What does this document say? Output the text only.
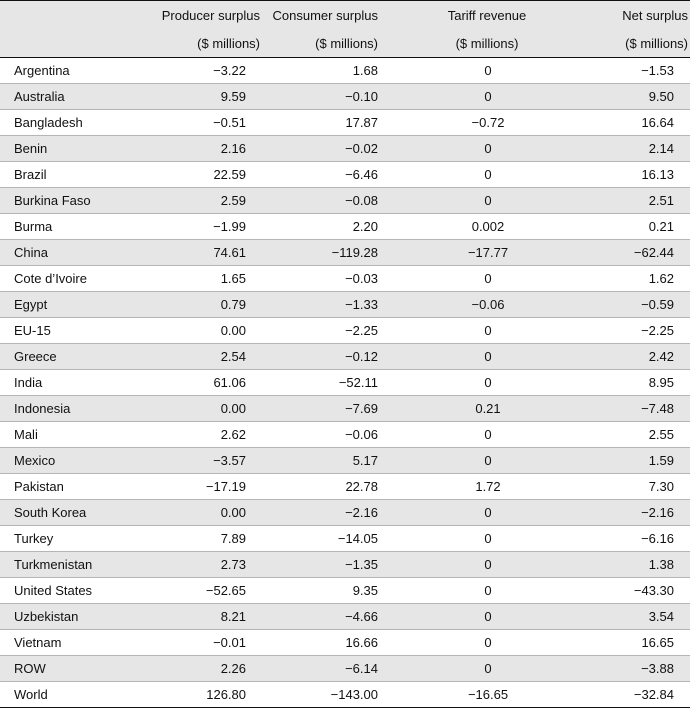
	Producer surplus	Consumer surplus	Tariff revenue	Net surplus
	($ millions)	($ millions)	($ millions)	($ millions)
Argentina	−3.22	1.68	0	−1.53
Australia	9.59	−0.10	0	9.50
Bangladesh	−0.51	17.87	−0.72	16.64
Benin	2.16	−0.02	0	2.14
Brazil	22.59	−6.46	0	16.13
Burkina Faso	2.59	−0.08	0	2.51
Burma	−1.99	2.20	0.002	0.21
China	74.61	−119.28	−17.77	−62.44
Cote d’Ivoire	1.65	−0.03	0	1.62
Egypt	0.79	−1.33	−0.06	−0.59
EU-15	0.00	−2.25	0	−2.25
Greece	2.54	−0.12	0	2.42
India	61.06	−52.11	0	8.95
Indonesia	0.00	−7.69	0.21	−7.48
Mali	2.62	−0.06	0	2.55
Mexico	−3.57	5.17	0	1.59
Pakistan	−17.19	22.78	1.72	7.30
South Korea	0.00	−2.16	0	−2.16
Turkey	7.89	−14.05	0	−6.16
Turkmenistan	2.73	−1.35	0	1.38
United States	−52.65	9.35	0	−43.30
Uzbekistan	8.21	−4.66	0	3.54
Vietnam	−0.01	16.66	0	16.65
ROW	2.26	−6.14	0	−3.88
World	126.80	−143.00	−16.65	−32.84
